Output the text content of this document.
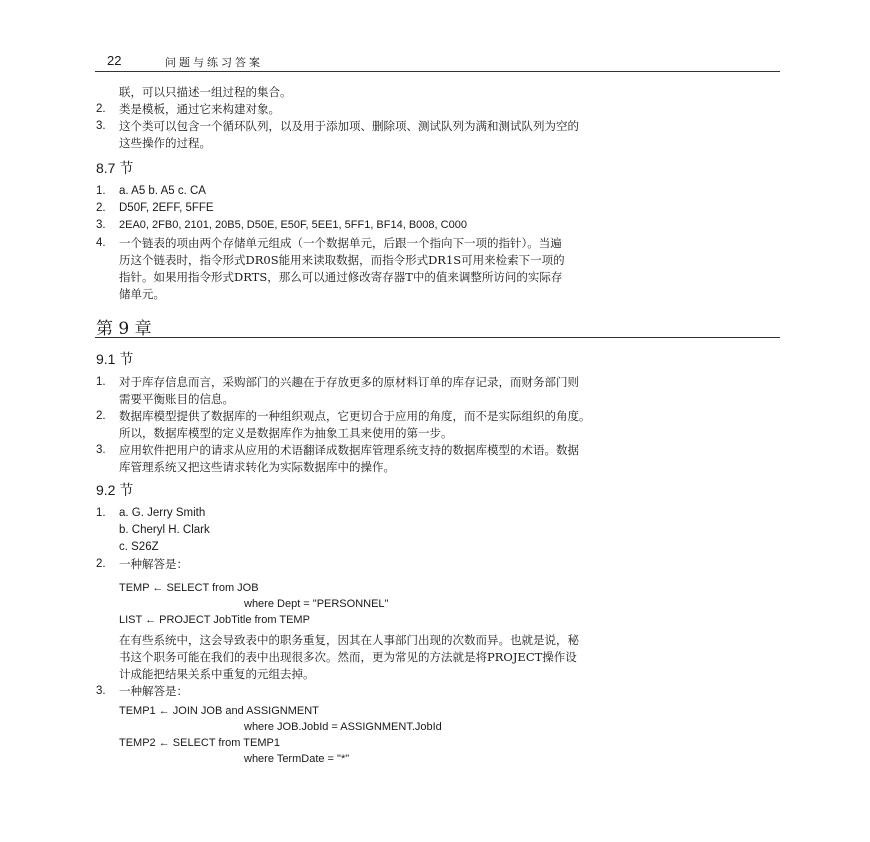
22	问题与练习答案
联，可以只描述一组过程的集合。
2. 类是模板，通过它来构建对象。
3. 这个类可以包含一个循环队列，以及用于添加项、删除项、测试队列为满和测试队列为空的
这些操作的过程。
8.7 节
1. a. A5 b. A5 c. CA
2. D50F, 2EFF, 5FFE
3. 2EA0, 2FB0, 2101, 20B5, D50E, E50F, 5EE1, 5FF1, BF14, B008, C000
4. 一个链表的项由两个存储单元组成（一个数据单元，后跟一个指向下一项的指针）。当遍
历这个链表时，指令形式DR0S能用来读取数据，而指令形式DR1S可用来检索下一项的
指针。如果用指令形式DRTS，那么可以通过修改寄存器T中的值来调整所访问的实际存
储单元。
第 9 章
9.1 节
1. 对于库存信息而言，采购部门的兴趣在于存放更多的原材料订单的库存记录，而财务部门则
需要平衡账目的信息。
2. 数据库模型提供了数据库的一种组织观点，它更切合于应用的角度，而不是实际组织的角度。
所以，数据库模型的定义是数据库作为抽象工具来使用的第一步。
3. 应用软件把用户的请求从应用的术语翻译成数据库管理系统支持的数据库模型的术语。数据
库管理系统又把这些请求转化为实际数据库中的操作。
9.2 节
1. a. G. Jerry Smith
b. Cheryl H. Clark
c. S26Z
2. 一种解答是：
TEMP ← SELECT from JOB
where Dept = "PERSONNEL"
LIST ← PROJECT JobTitle from TEMP
在有些系统中，这会导致表中的职务重复，因其在人事部门出现的次数而异。也就是说，秘
书这个职务可能在我们的表中出现很多次。然而，更为常见的方法就是将PROJECT操作设
计成能把结果关系中重复的元组去掉。
3. 一种解答是：
TEMP1 ← JOIN JOB and ASSIGNMENT
where JOB.JobId = ASSIGNMENT.JobId
TEMP2 ← SELECT from TEMP1
where TermDate = "*"
